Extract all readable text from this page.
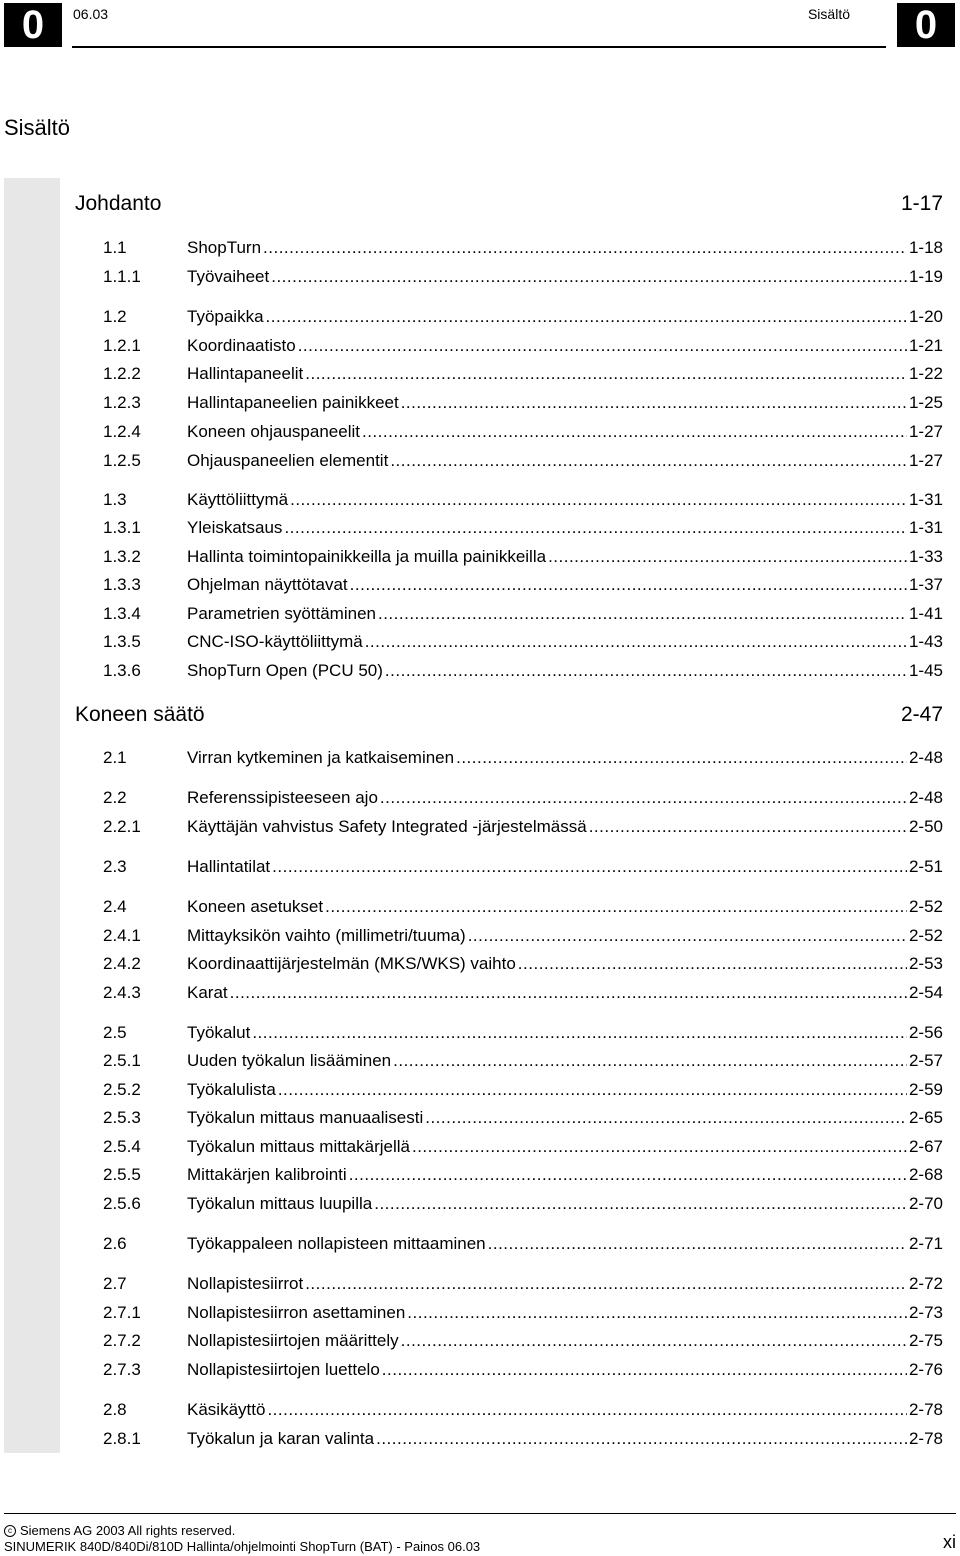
0	06.03	Sisältö	0
Sisältö
Johdanto	1-17
1.1	ShopTurn .....	1-18
1.1.1	Työvaiheet .....	1-19
1.2	Työpaikka .....	1-20
1.2.1	Koordinaatisto .....	1-21
1.2.2	Hallintapaneelit .....	1-22
1.2.3	Hallintapaneelien painikkeet .....	1-25
1.2.4	Koneen ohjauspaneelit .....	1-27
1.2.5	Ohjauspaneelien elementit .....	1-27
1.3	Käyttöliittymä .....	1-31
1.3.1	Yleiskatsaus .....	1-31
1.3.2	Hallinta toimintopainikkeilla ja muilla painikkeilla .....	1-33
1.3.3	Ohjelman näyttötavat .....	1-37
1.3.4	Parametrien syöttäminen .....	1-41
1.3.5	CNC-ISO-käyttöliittymä .....	1-43
1.3.6	ShopTurn Open (PCU 50) .....	1-45
Koneen säätö	2-47
2.1	Virran kytkeminen ja katkaiseminen .....	2-48
2.2	Referenssipisteeseen ajo .....	2-48
2.2.1	Käyttäjän vahvistus Safety Integrated -järjestelmässä .....	2-50
2.3	Hallintatilat .....	2-51
2.4	Koneen asetukset .....	2-52
2.4.1	Mittayksikön vaihto (millimetri/tuuma) .....	2-52
2.4.2	Koordinaattijärjestelmän (MKS/WKS) vaihto .....	2-53
2.4.3	Karat .....	2-54
2.5	Työkalut .....	2-56
2.5.1	Uuden työkalun lisääminen .....	2-57
2.5.2	Työkalulista .....	2-59
2.5.3	Työkalun mittaus manuaalisesti .....	2-65
2.5.4	Työkalun mittaus mittakärjellä .....	2-67
2.5.5	Mittakärjen kalibrointi .....	2-68
2.5.6	Työkalun mittaus luupilla .....	2-70
2.6	Työkappaleen nollapisteen mittaaminen .....	2-71
2.7	Nollapistesiirrot .....	2-72
2.7.1	Nollapistesiirron asettaminen .....	2-73
2.7.2	Nollapistesiirtojen määrittely .....	2-75
2.7.3	Nollapistesiirtojen luettelo .....	2-76
2.8	Käsikäyttö .....	2-78
2.8.1	Työkalun ja karan valinta .....	2-78
c Siemens AG 2003 All rights reserved.
SINUMERIK 840D/840Di/810D Hallinta/ohjelmointi ShopTurn (BAT) - Painos 06.03	xi
